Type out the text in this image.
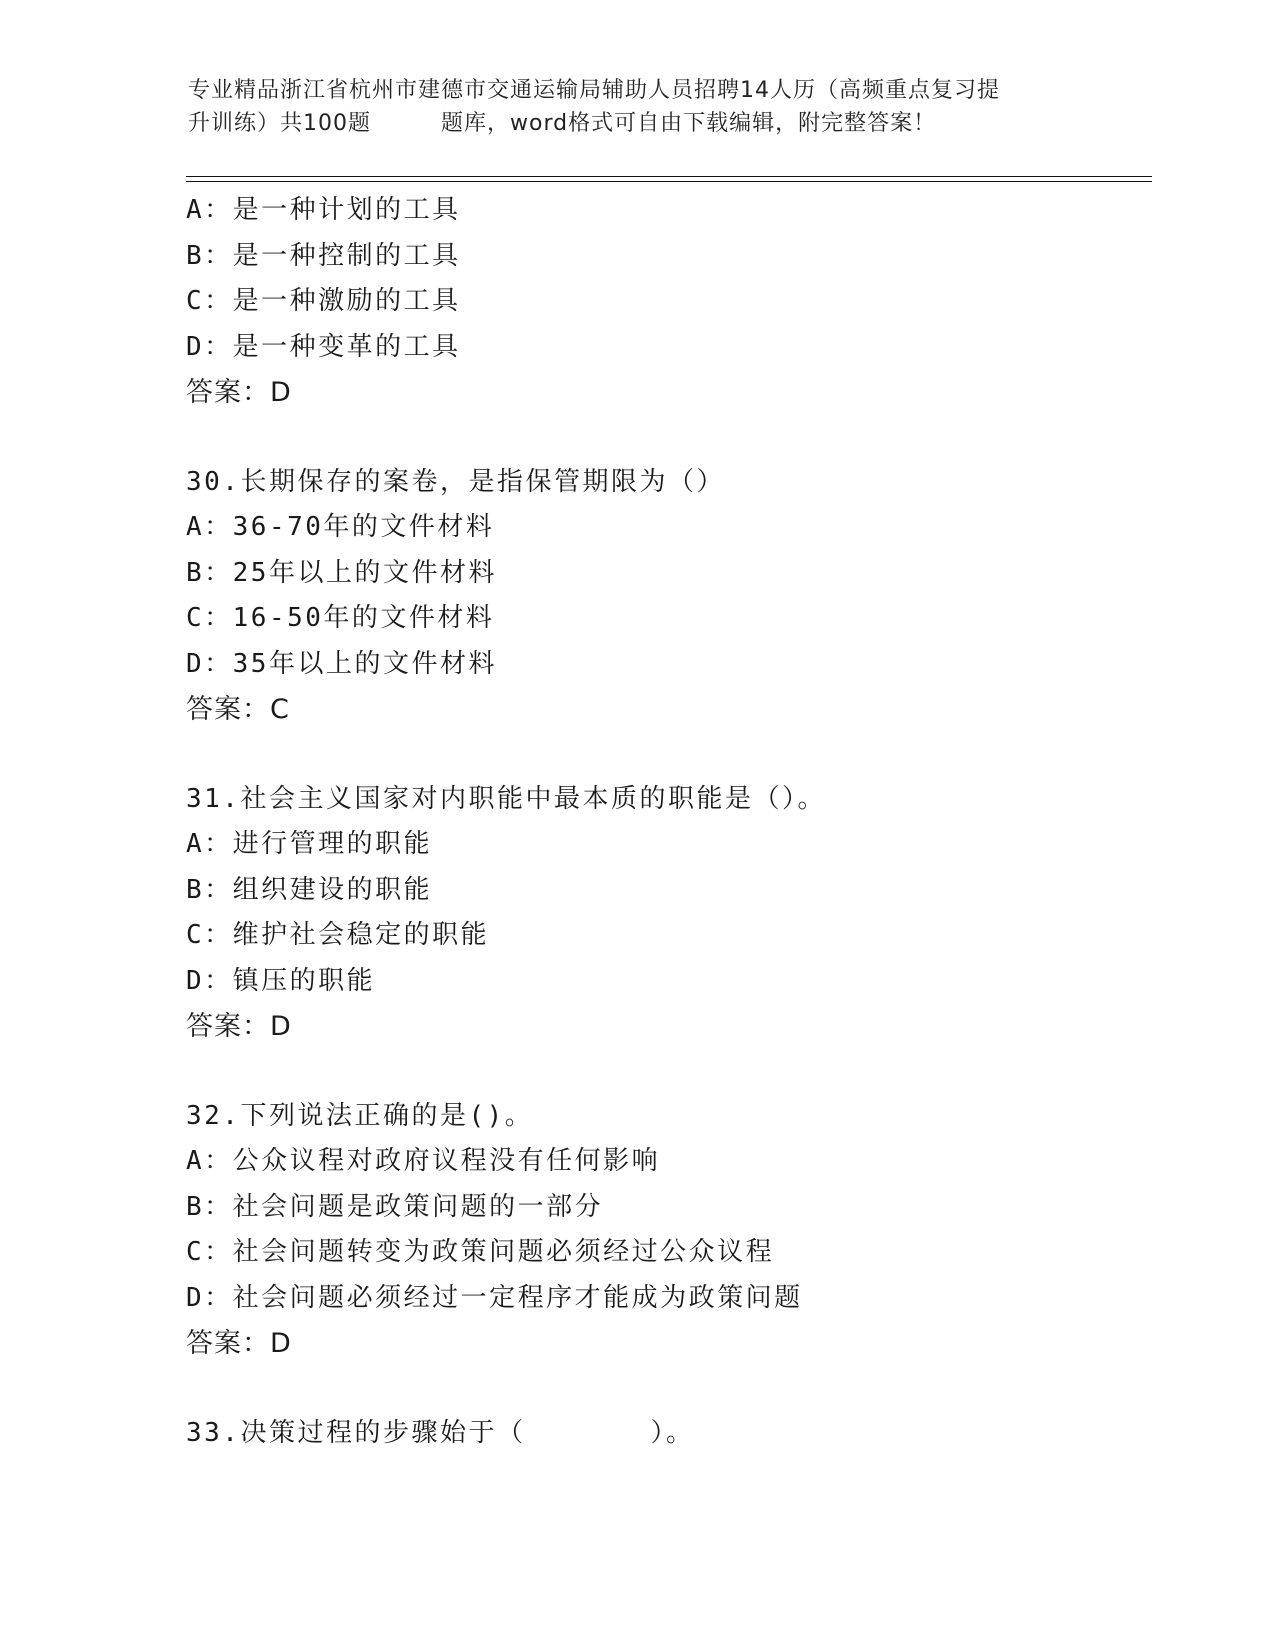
专业精品浙江省杭州市建德市交通运输局辅助人员招聘14人历（高频重点复习提
升训练）共100题	题库，word格式可自由下载编辑，附完整答案！
A：是一种计划的工具
B：是一种控制的工具
C：是一种激励的工具
D：是一种变革的工具
答案：D
30.长期保存的案卷，是指保管期限为（）
A：36-70年的文件材料
B：25年以上的文件材料
C：16-50年的文件材料
D：35年以上的文件材料
答案：C
31.社会主义国家对内职能中最本质的职能是（）。
A：进行管理的职能
B：组织建设的职能
C：维护社会稳定的职能
D：镇压的职能
答案：D
32.下列说法正确的是()。
A：公众议程对政府议程没有任何影响
B：社会问题是政策问题的一部分
C：社会问题转变为政策问题必须经过公众议程
D：社会问题必须经过一定程序才能成为政策问题
答案：D
33.决策过程的步骤始于（	）。
